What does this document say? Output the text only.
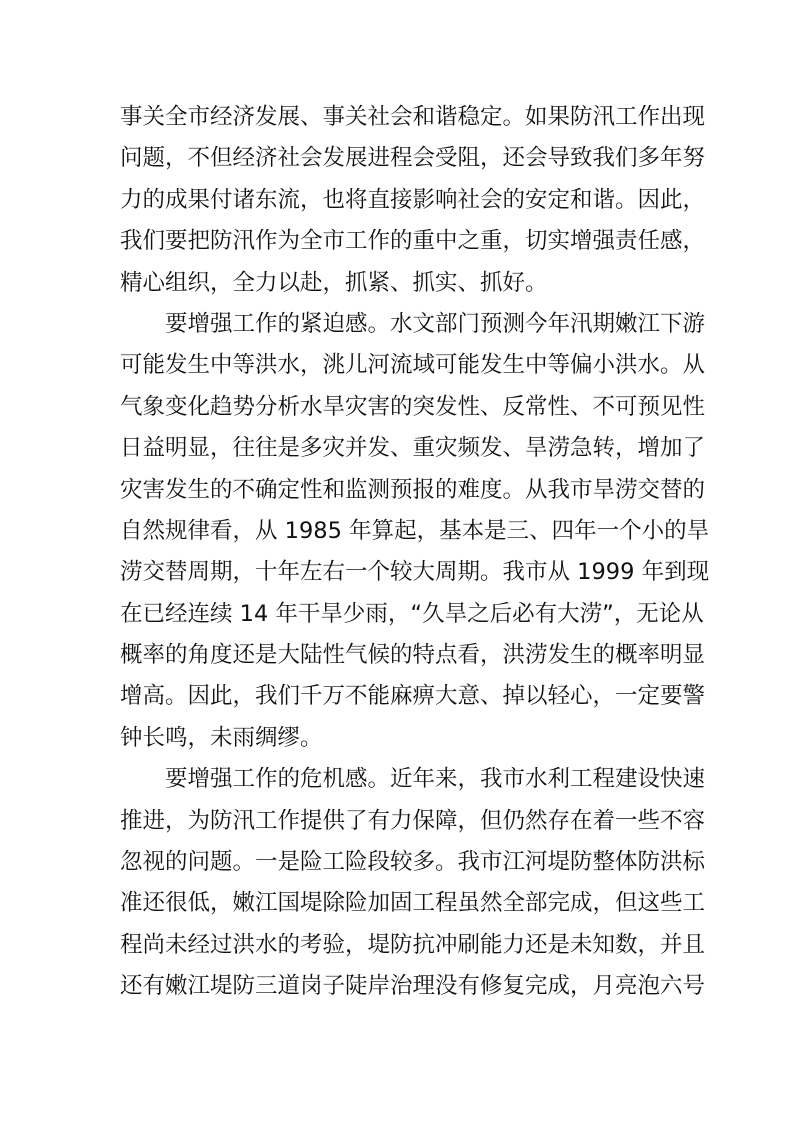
事关全市经济发展、事关社会和谐稳定。如果防汛工作出现
问题，不但经济社会发展进程会受阻，还会导致我们多年努
力的成果付诸东流，也将直接影响社会的安定和谐。因此，
我们要把防汛作为全市工作的重中之重，切实增强责任感，
精心组织，全力以赴，抓紧、抓实、抓好。
　　要增强工作的紧迫感。水文部门预测今年汛期嫩江下游
可能发生中等洪水，洮儿河流域可能发生中等偏小洪水。从
气象变化趋势分析水旱灾害的突发性、反常性、不可预见性
日益明显，往往是多灾并发、重灾频发、旱涝急转，增加了
灾害发生的不确定性和监测预报的难度。从我市旱涝交替的
自然规律看，从 1985 年算起，基本是三、四年一个小的旱
涝交替周期，十年左右一个较大周期。我市从 1999 年到现
在已经连续 14 年干旱少雨，“久旱之后必有大涝”，无论从
概率的角度还是大陆性气候的特点看，洪涝发生的概率明显
增高。因此，我们千万不能麻痹大意、掉以轻心，一定要警
钟长鸣，未雨绸缪。
　　要增强工作的危机感。近年来，我市水利工程建设快速
推进，为防汛工作提供了有力保障，但仍然存在着一些不容
忽视的问题。一是险工险段较多。我市江河堤防整体防洪标
准还很低，嫩江国堤除险加固工程虽然全部完成，但这些工
程尚未经过洪水的考验，堤防抗冲刷能力还是未知数，并且
还有嫩江堤防三道岗子陡岸治理没有修复完成，月亮泡六号
